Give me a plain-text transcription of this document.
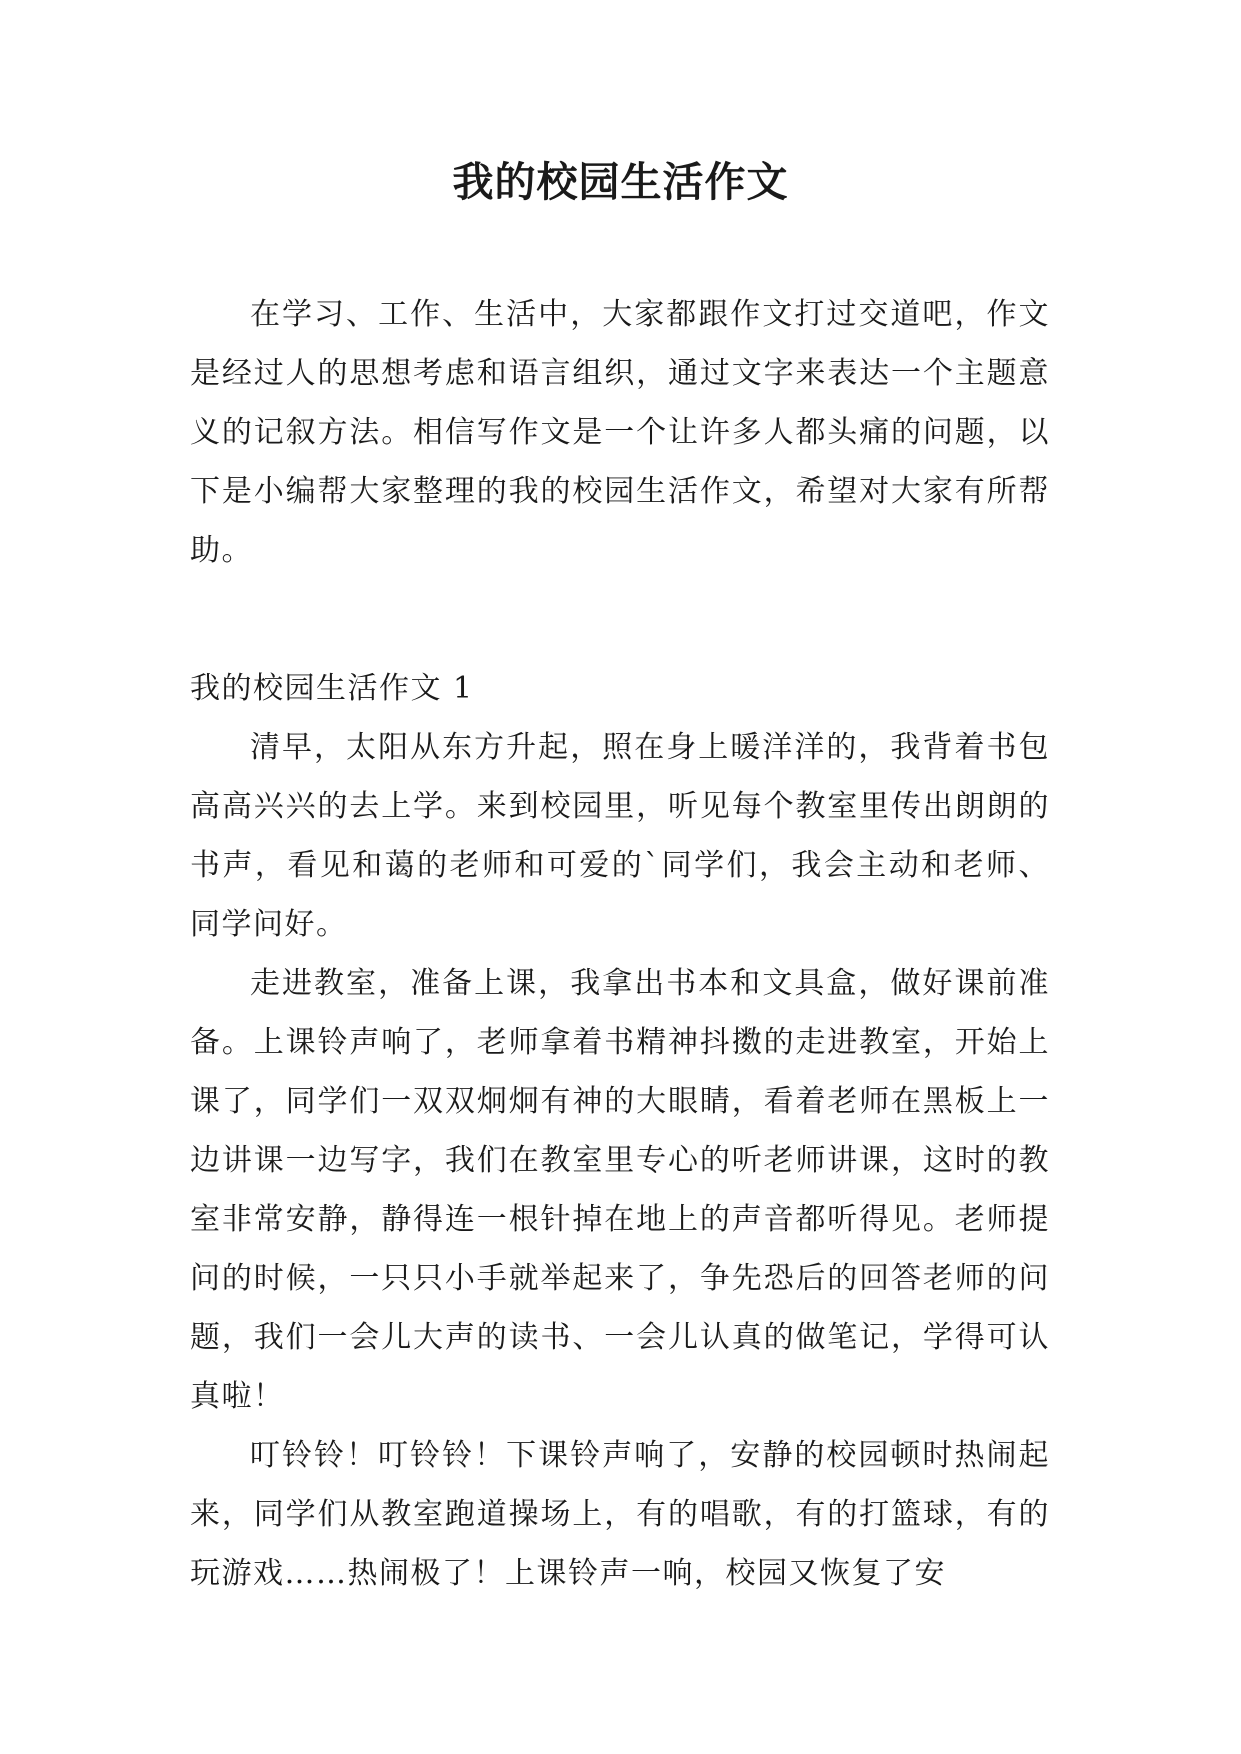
我的校园生活作文

在学习、工作、生活中，大家都跟作文打过交道吧，作文是经过人的思想考虑和语言组织，通过文字来表达一个主题意义的记叙方法。相信写作文是一个让许多人都头痛的问题，以下是小编帮大家整理的我的校园生活作文，希望对大家有所帮助。

我的校园生活作文 1

清早，太阳从东方升起，照在身上暖洋洋的，我背着书包高高兴兴的去上学。来到校园里，听见每个教室里传出朗朗的书声，看见和蔼的老师和可爱的`同学们，我会主动和老师、同学问好。

走进教室，准备上课，我拿出书本和文具盒，做好课前准备。上课铃声响了，老师拿着书精神抖擞的走进教室，开始上课了，同学们一双双炯炯有神的大眼睛，看着老师在黑板上一边讲课一边写字，我们在教室里专心的听老师讲课，这时的教室非常安静，静得连一根针掉在地上的声音都听得见。老师提问的时候，一只只小手就举起来了，争先恐后的回答老师的问题，我们一会儿大声的读书、一会儿认真的做笔记，学得可认真啦！

叮铃铃！叮铃铃！下课铃声响了，安静的校园顿时热闹起来，同学们从教室跑道操场上，有的唱歌，有的打篮球，有的玩游戏……热闹极了！上课铃声一响，校园又恢复了安
